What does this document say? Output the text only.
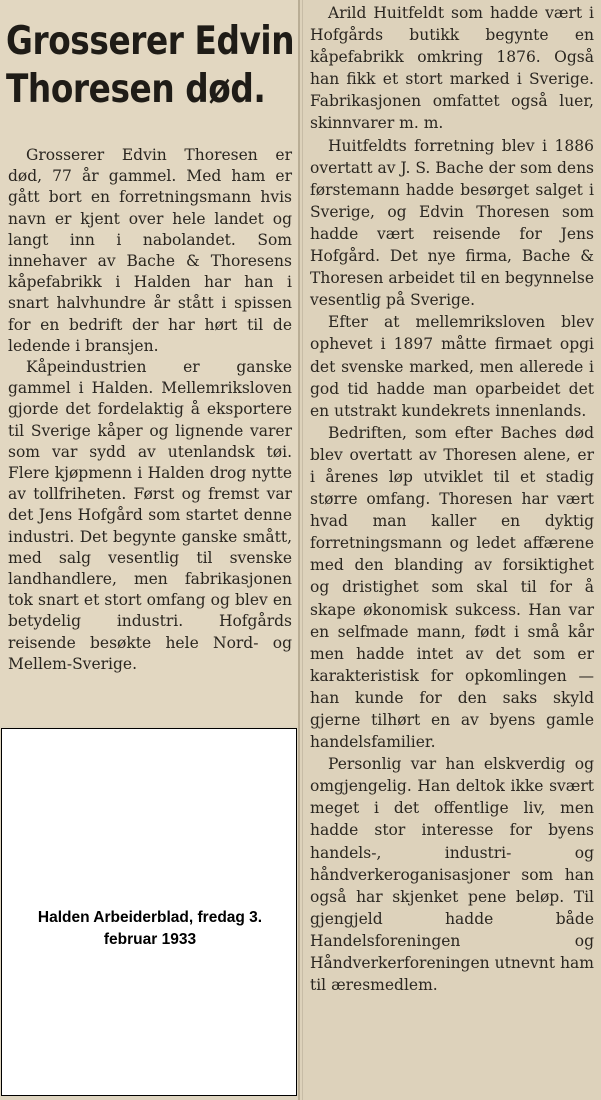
Grosserer Edvin
Thoresen død.

Grosserer Edvin Thoresen er død, 77 år gammel. Med ham er gått bort en forretningsmann hvis navn er kjent over hele landet og langt inn i nabolandet. Som innehaver av Bache & Thoresens kåpefabrikk i Halden har han i snart halvhundre år stått i spissen for en bedrift der har hørt til de ledende i bransjen.

Kåpeindustrien er ganske gammel i Halden. Mellemriksloven gjorde det fordelaktig å eksportere til Sverige kåper og lignende varer som var sydd av utenlandsk tøi. Flere kjøpmenn i Halden drog nytte av tollfriheten. Først og fremst var det Jens Hofgård som startet denne industri. Det begynte ganske smått, med salg vesentlig til svenske landhandlere, men fabrikasjonen tok snart et stort omfang og blev en betydelig industri. Hofgårds reisende besøkte hele Nord- og Mellem-Sverige.

Arild Huitfeldt som hadde vært i Hofgårds butikk begynte en kåpefabrikk omkring 1876. Også han fikk et stort marked i Sverige. Fabrikasjonen omfattet også luer, skinnvarer m. m.

Huitfeldts forretning blev i 1886 overtatt av J. S. Bache der som dens førstemann hadde besørget salget i Sverige, og Edvin Thoresen som hadde vært reisende for Jens Hofgård. Det nye firma, Bache & Thoresen arbeidet til en begynnelse vesentlig på Sverige.

Efter at mellemriksloven blev ophevet i 1897 måtte firmaet opgi det svenske marked, men allerede i god tid hadde man oparbeidet det en utstrakt kundekrets innenlands.

Bedriften, som efter Baches død blev overtatt av Thoresen alene, er i årenes løp utviklet til et stadig større omfang. Thoresen har vært hvad man kaller en dyktig forretningsmann og ledet affærene med den blanding av forsiktighet og dristighet som skal til for å skape økonomisk sukcess. Han var en selfmade mann, født i små kår men hadde intet av det som er karakteristisk for opkomlingen — han kunde for den saks skyld gjerne tilhørt en av byens gamle handelsfamilier.

Personlig var han elskverdig og omgjengelig. Han deltok ikke svært meget i det offentlige liv, men hadde stor interesse for byens handels-, industri- og håndverkeroganisasjoner som han også har skjenket pene beløp. Til gjengjeld hadde både Handelsforeningen og Håndverkerforeningen utnevnt ham til æresmedlem.

Halden Arbeiderblad, fredag 3. februar 1933
